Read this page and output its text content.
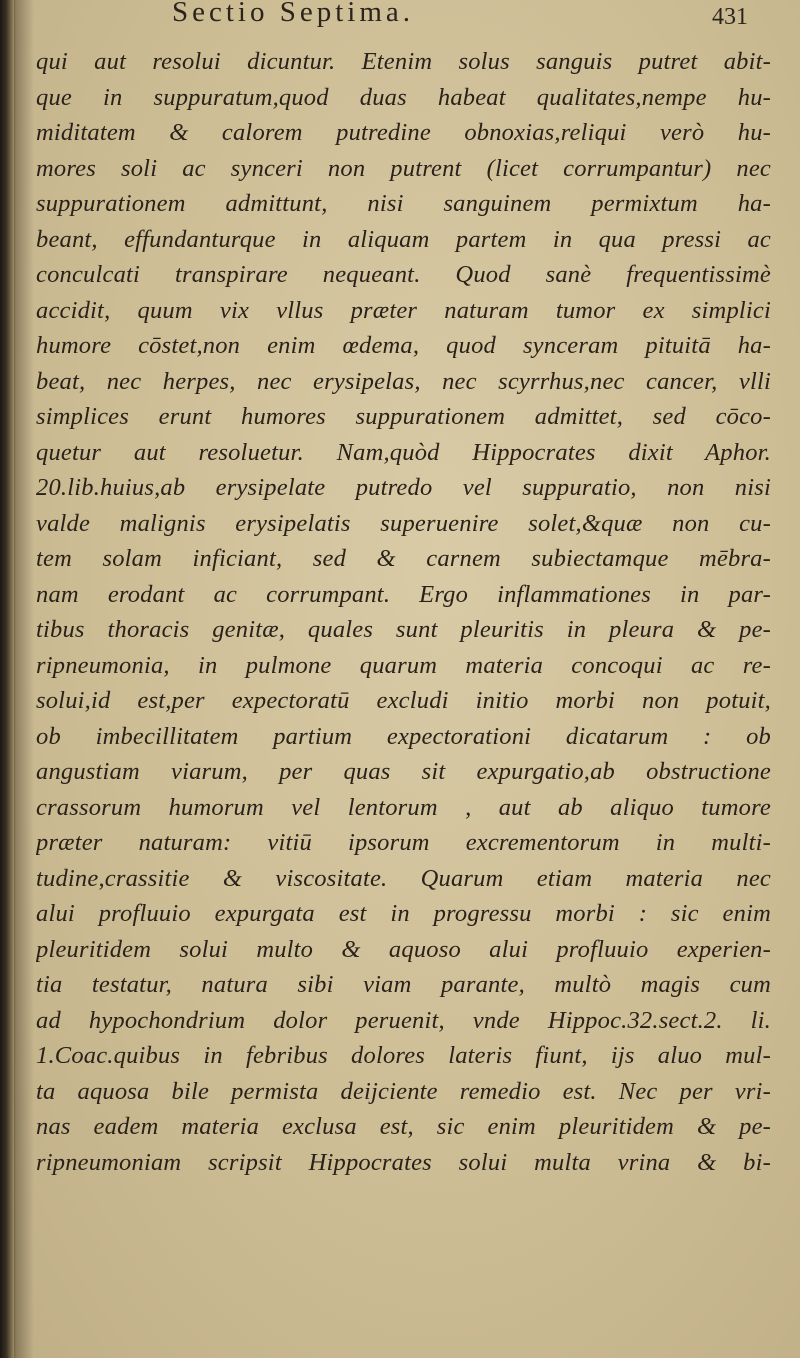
Sectio Septima.	431
qui aut resolui dicuntur. Etenim solus sanguis putret abit-
que in suppuratum,quod duas habeat qualitates,nempe hu-
miditatem & calorem putredine obnoxias,reliqui verò hu-
mores soli ac synceri non putrent (licet corrumpantur) nec
suppurationem admittunt, nisi sanguinem permixtum ha-
beant, effundanturque in aliquam partem in qua pressi ac
conculcati transpirare nequeant. Quod sanè frequentissimè
accidit, quum vix vllus præter naturam tumor ex simplici
humore cōstet,non enim œdema, quod synceram pituitā ha-
beat, nec herpes, nec erysipelas, nec scyrrhus,nec cancer, vlli
simplices erunt humores suppurationem admittet, sed cōco-
quetur aut resoluetur. Nam,quòd Hippocrates dixit Aphor.
20.lib.huius,ab erysipelate putredo vel suppuratio, non nisi
valde malignis erysipelatis superuenire solet,&quæ non cu-
tem solam inficiant, sed & carnem subiectamque mēbra-
nam erodant ac corrumpant. Ergo inflammationes in par-
tibus thoracis genitæ, quales sunt pleuritis in pleura & pe-
ripneumonia, in pulmone quarum materia concoqui ac re-
solui,id est,per expectoratū excludi initio morbi non potuit,
ob imbecillitatem partium expectorationi dicatarum : ob
angustiam viarum, per quas sit expurgatio,ab obstructione
crassorum humorum vel lentorum , aut ab aliquo tumore
præter naturam: vitiū ipsorum excrementorum in multi-
tudine,crassitie & viscositate. Quarum etiam materia nec
alui profluuio expurgata est in progressu morbi : sic enim
pleuritidem solui multo & aquoso alui profluuio experien-
tia testatur, natura sibi viam parante, multò magis cum
ad hypochondrium dolor peruenit, vnde Hippoc.32.sect.2. li.
1.Coac.quibus in febribus dolores lateris fiunt, ijs aluo mul-
ta aquosa bile permista deijciente remedio est. Nec per vri-
nas eadem materia exclusa est, sic enim pleuritidem & pe-
ripneumoniam scripsit Hippocrates solui multa vrina & bi-
